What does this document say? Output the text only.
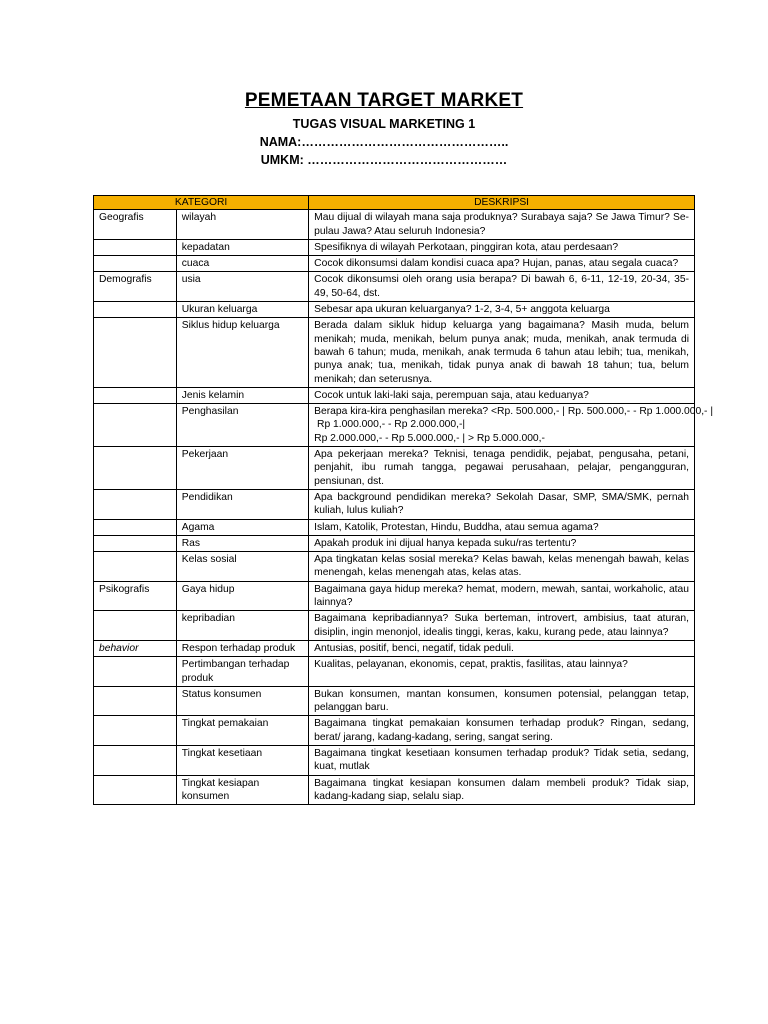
PEMETAAN TARGET MARKET
TUGAS VISUAL MARKETING 1
NAMA:…………………………………………..
UMKM: …………………………………………
KATEGORI		DESKRIPSI
Geografis	wilayah	Mau dijual di wilayah mana saja produknya? Surabaya saja? Se Jawa Timur? Se-pulau Jawa? Atau seluruh Indonesia?
	kepadatan	Spesifiknya di wilayah Perkotaan, pinggiran kota, atau perdesaan?
	cuaca	Cocok dikonsumsi dalam kondisi cuaca apa? Hujan, panas, atau segala cuaca?
Demografis	usia	Cocok dikonsumsi oleh orang usia berapa? Di bawah 6, 6-11, 12-19, 20-34, 35-49, 50-64, dst.
	Ukuran keluarga	Sebesar apa ukuran keluarganya? 1-2, 3-4, 5+ anggota keluarga
	Siklus hidup keluarga	Berada dalam sikluk hidup keluarga yang bagaimana? Masih muda, belum menikah; muda, menikah, belum punya anak; muda, menikah, anak termuda di bawah 6 tahun; muda, menikah, anak termuda 6 tahun atau lebih; tua, menikah, punya anak; tua, menikah, tidak punya anak di bawah 18 tahun; tua, belum menikah; dan seterusnya.
	Jenis kelamin	Cocok untuk laki-laki saja, perempuan saja, atau keduanya?
	Penghasilan	Berapa kira-kira penghasilan mereka? <Rp. 500.000,- | Rp. 500.000,- - Rp 1.000.000,- |
Rp 1.000.000,- - Rp 2.000.000,-|
Rp 2.000.000,- - Rp 5.000.000,- | > Rp 5.000.000,-

	Pekerjaan	Apa pekerjaan mereka? Teknisi, tenaga pendidik, pejabat, pengusaha, petani, penjahit, ibu rumah tangga, pegawai perusahaan, pelajar, pengangguran, pensiunan, dst.
	Pendidikan	Apa background pendidikan mereka? Sekolah Dasar, SMP, SMA/SMK, pernah kuliah, lulus kuliah?
	Agama	Islam, Katolik, Protestan, Hindu, Buddha, atau semua agama?
	Ras	Apakah produk ini dijual hanya kepada suku/ras tertentu?
	Kelas sosial	Apa tingkatan kelas sosial mereka? Kelas bawah, kelas menengah bawah, kelas menengah, kelas menengah atas, kelas atas.
Psikografis	Gaya hidup	Bagaimana gaya hidup mereka? hemat, modern, mewah, santai, workaholic, atau lainnya?
	kepribadian	Bagaimana kepribadiannya? Suka berteman, introvert, ambisius, taat aturan, disiplin, ingin menonjol, idealis tinggi, keras, kaku, kurang pede, atau lainnya?
behavior	Respon terhadap produk	Antusias, positif, benci, negatif, tidak peduli.
	Pertimbangan terhadap produk	Kualitas, pelayanan, ekonomis, cepat, praktis, fasilitas, atau lainnya?
	Status konsumen	Bukan konsumen, mantan konsumen, konsumen potensial, pelanggan tetap, pelanggan baru.
	Tingkat pemakaian	Bagaimana tingkat pemakaian konsumen terhadap produk? Ringan, sedang, berat/ jarang, kadang-kadang, sering, sangat sering.
	Tingkat kesetiaan	Bagaimana tingkat kesetiaan konsumen terhadap produk? Tidak setia, sedang, kuat, mutlak
	Tingkat kesiapan konsumen	Bagaimana tingkat kesiapan konsumen dalam membeli produk? Tidak siap, kadang-kadang siap, selalu siap.
